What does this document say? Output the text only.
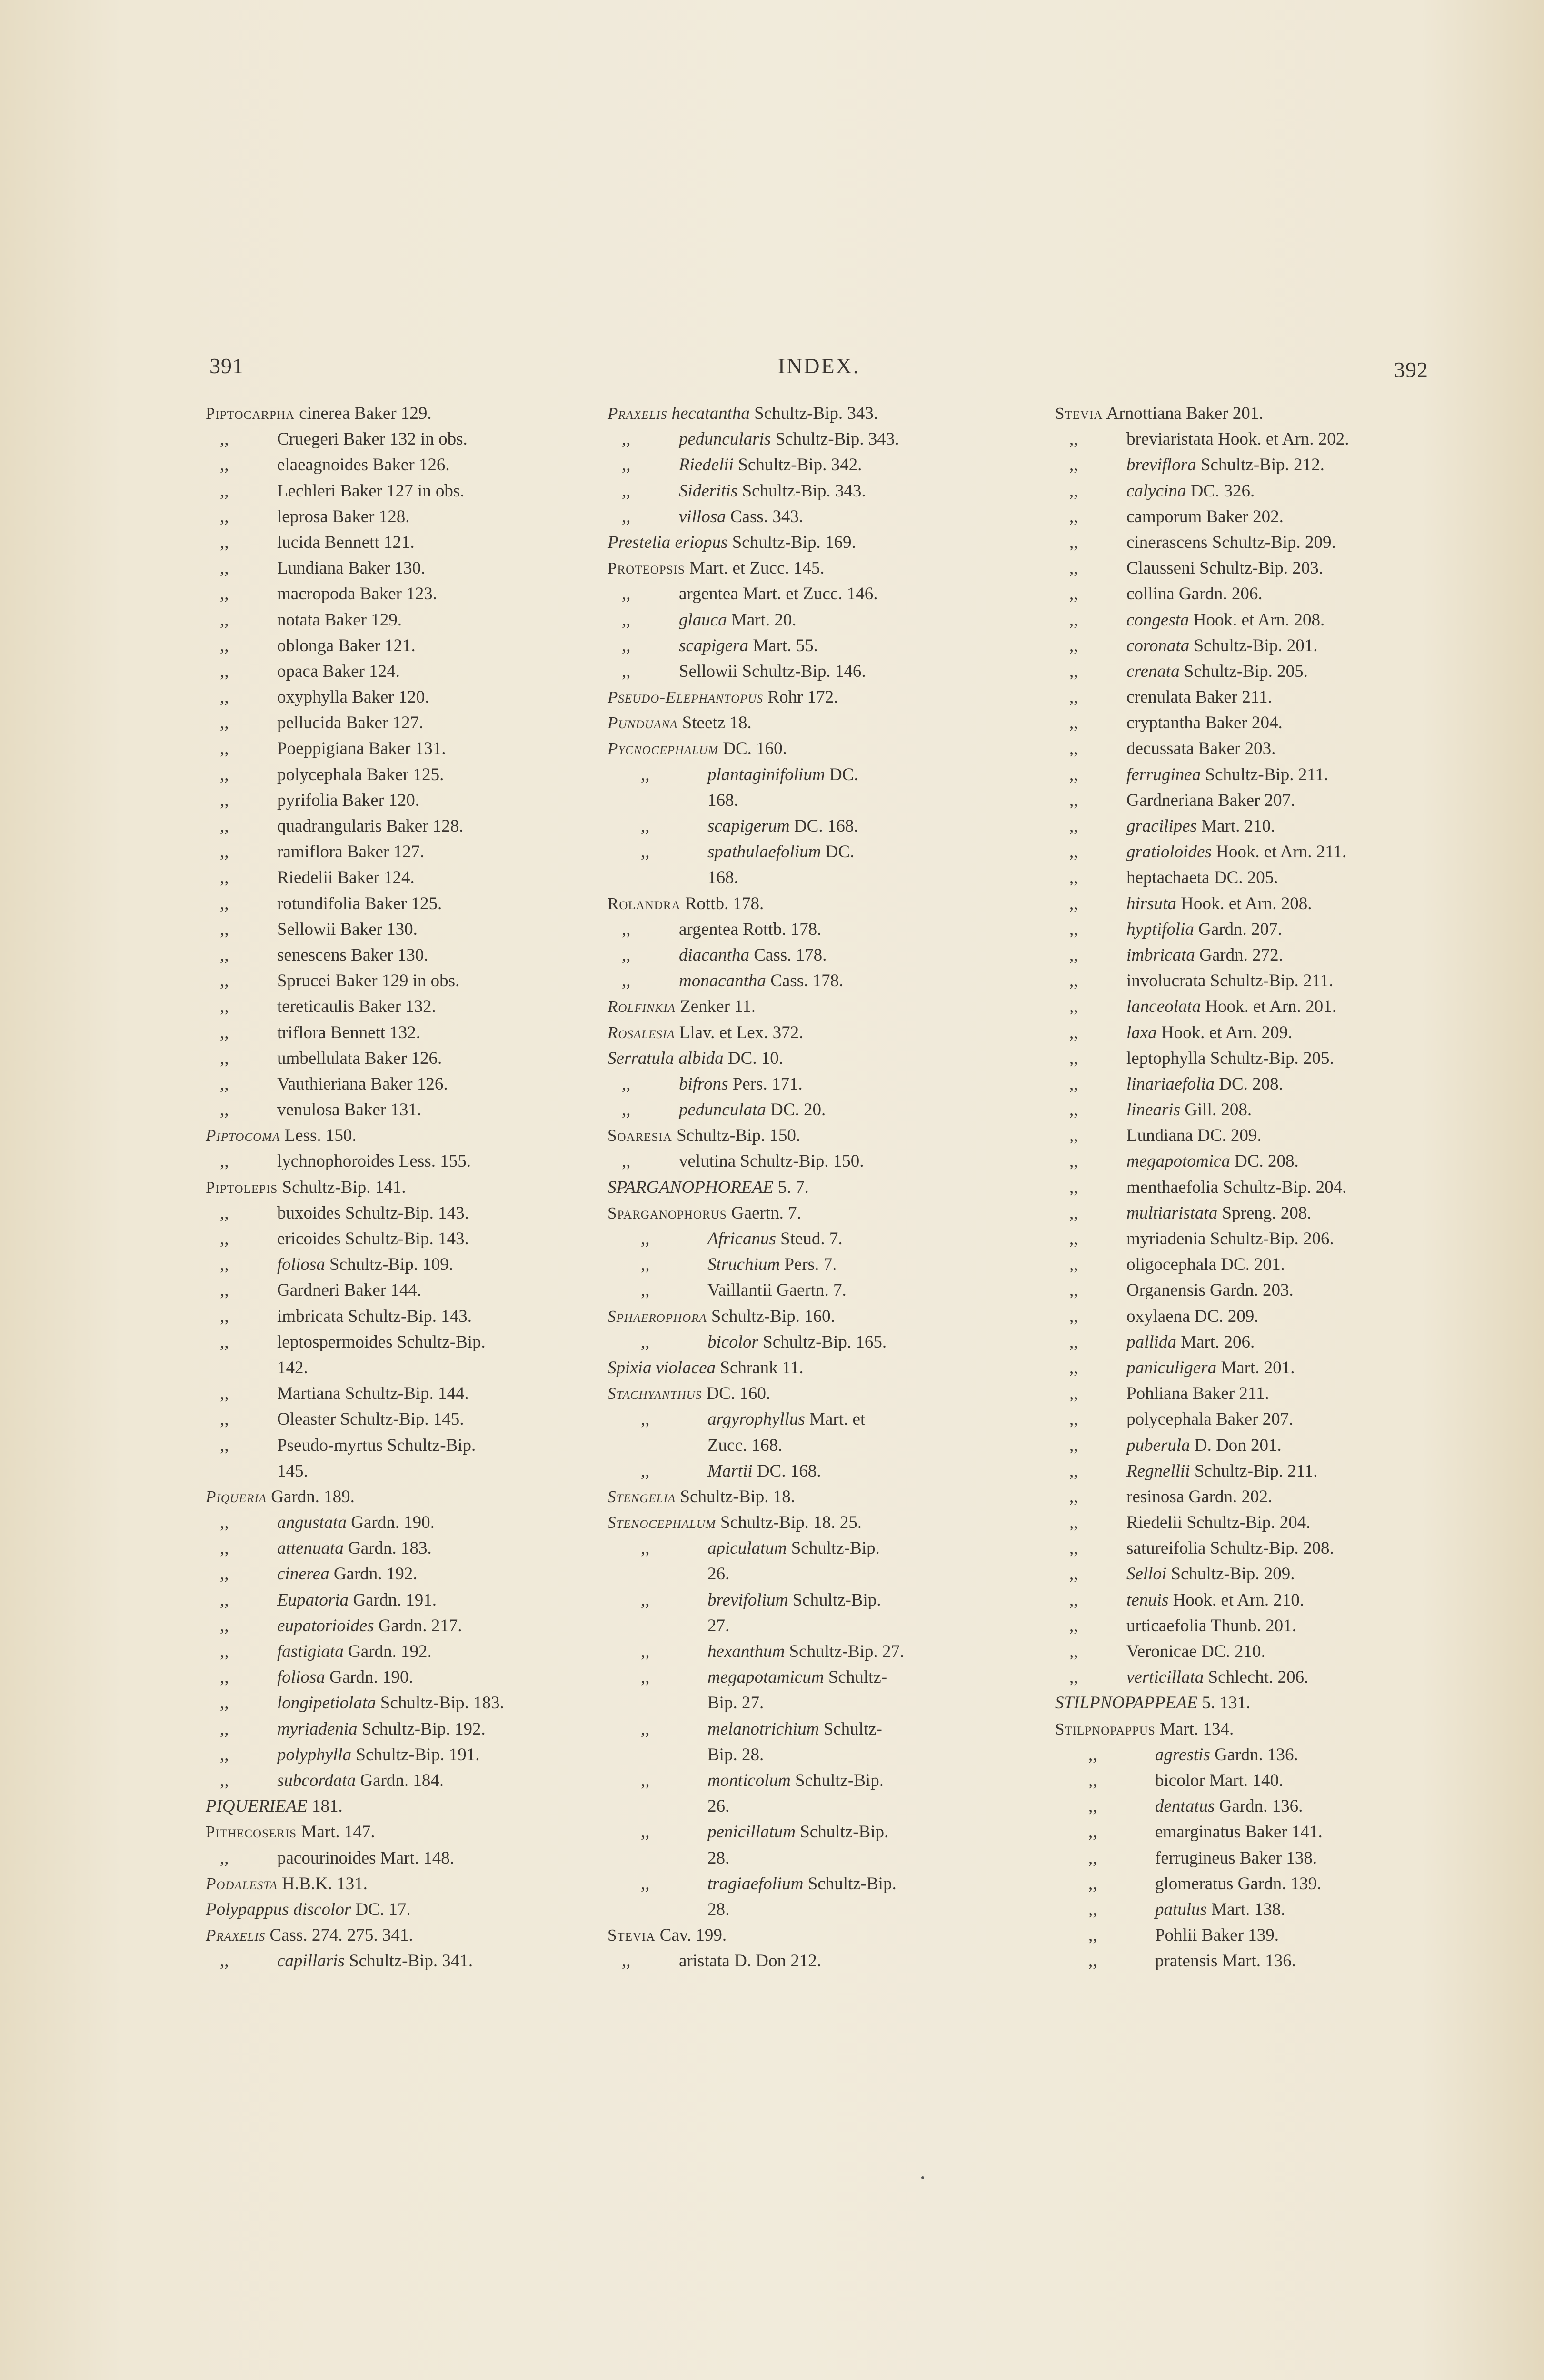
391	INDEX.	392
Piptocarpha cinerea Baker 129.
,,	Cruegeri Baker 132 in obs.
,,	elaeagnoides Baker 126.
,,	Lechleri Baker 127 in obs.
,,	leprosa Baker 128.
,,	lucida Bennett 121.
,,	Lundiana Baker 130.
,,	macropoda Baker 123.
,,	notata Baker 129.
,,	oblonga Baker 121.
,,	opaca Baker 124.
,,	oxyphylla Baker 120.
,,	pellucida Baker 127.
,,	Poeppigiana Baker 131.
,,	polycephala Baker 125.
,,	pyrifolia Baker 120.
,,	quadrangularis Baker 128.
,,	ramiflora Baker 127.
,,	Riedelii Baker 124.
,,	rotundifolia Baker 125.
,,	Sellowii Baker 130.
,,	senescens Baker 130.
,,	Sprucei Baker 129 in obs.
,,	tereticaulis Baker 132.
,,	triflora Bennett 132.
,,	umbellulata Baker 126.
,,	Vauthieriana Baker 126.
,,	venulosa Baker 131.
Piptocoma Less. 150.
,,	lychnophoroides Less. 155.
Piptolepis Schultz-Bip. 141.
,,	buxoides Schultz-Bip. 143.
,,	ericoides Schultz-Bip. 143.
,,	foliosa Schultz-Bip. 109.
,,	Gardneri Baker 144.
,,	imbricata Schultz-Bip. 143.
,,	leptospermoides Schultz-Bip.
142.
,,	Martiana Schultz-Bip. 144.
,,	Oleaster Schultz-Bip. 145.
,,	Pseudo-myrtus Schultz-Bip.
145.
Piqueria Gardn. 189.
,,	angustata Gardn. 190.
,,	attenuata Gardn. 183.
,,	cinerea Gardn. 192.
,,	Eupatoria Gardn. 191.
,,	eupatorioides Gardn. 217.
,,	fastigiata Gardn. 192.
,,	foliosa Gardn. 190.
,,	longipetiolata Schultz-Bip. 183.
,,	myriadenia Schultz-Bip. 192.
,,	polyphylla Schultz-Bip. 191.
,,	subcordata Gardn. 184.
PIQUERIEAE 181.
Pithecoseris Mart. 147.
,,	pacourinoides Mart. 148.
Podalesta H.B.K. 131.
Polypappus discolor DC. 17.
Praxelis Cass. 274. 275. 341.
,,	capillaris Schultz-Bip. 341.
Praxelis hecatantha Schultz-Bip. 343.
,,	peduncularis Schultz-Bip. 343.
,,	Riedelii Schultz-Bip. 342.
,,	Sideritis Schultz-Bip. 343.
,,	villosa Cass. 343.
Prestelia eriopus Schultz-Bip. 169.
Proteopsis Mart. et Zucc. 145.
,,	argentea Mart. et Zucc. 146.
,,	glauca Mart. 20.
,,	scapigera Mart. 55.
,,	Sellowii Schultz-Bip. 146.
Pseudo-Elephantopus Rohr 172.
Punduana Steetz 18.
Pycnocephalum DC. 160.
,,	plantaginifolium DC.
168.
,,	scapigerum DC. 168.
,,	spathulaefolium DC.
168.
Rolandra Rottb. 178.
,,	argentea Rottb. 178.
,,	diacantha Cass. 178.
,,	monacantha Cass. 178.
Rolfinkia Zenker 11.
Rosalesia Llav. et Lex. 372.
Serratula albida DC. 10.
,,	bifrons Pers. 171.
,,	pedunculata DC. 20.
Soaresia Schultz-Bip. 150.
,,	velutina Schultz-Bip. 150.
SPARGANOPHOREAE 5. 7.
Sparganophorus Gaertn. 7.
,,	Africanus Steud. 7.
,,	Struchium Pers. 7.
,,	Vaillantii Gaertn. 7.
Sphaerophora Schultz-Bip. 160.
,,	bicolor Schultz-Bip. 165.
Spixia violacea Schrank 11.
Stachyanthus DC. 160.
,,	argyrophyllus Mart. et
Zucc. 168.
,,	Martii DC. 168.
Stengelia Schultz-Bip. 18.
Stenocephalum Schultz-Bip. 18. 25.
,,	apiculatum Schultz-Bip.
26.
,,	brevifolium Schultz-Bip.
27.
,,	hexanthum Schultz-Bip. 27.
,,	megapotamicum Schultz-
Bip. 27.
,,	melanotrichium Schultz-
Bip. 28.
,,	monticolum Schultz-Bip.
26.
,,	penicillatum Schultz-Bip.
28.
,,	tragiaefolium Schultz-Bip.
28.
Stevia Cav. 199.
,,	aristata D. Don 212.
Stevia Arnottiana Baker 201.
,,	breviaristata Hook. et Arn. 202.
,,	breviflora Schultz-Bip. 212.
,,	calycina DC. 326.
,,	camporum Baker 202.
,,	cinerascens Schultz-Bip. 209.
,,	Clausseni Schultz-Bip. 203.
,,	collina Gardn. 206.
,,	congesta Hook. et Arn. 208.
,,	coronata Schultz-Bip. 201.
,,	crenata Schultz-Bip. 205.
,,	crenulata Baker 211.
,,	cryptantha Baker 204.
,,	decussata Baker 203.
,,	ferruginea Schultz-Bip. 211.
,,	Gardneriana Baker 207.
,,	gracilipes Mart. 210.
,,	gratioloides Hook. et Arn. 211.
,,	heptachaeta DC. 205.
,,	hirsuta Hook. et Arn. 208.
,,	hyptifolia Gardn. 207.
,,	imbricata Gardn. 272.
,,	involucrata Schultz-Bip. 211.
,,	lanceolata Hook. et Arn. 201.
,,	laxa Hook. et Arn. 209.
,,	leptophylla Schultz-Bip. 205.
,,	linariaefolia DC. 208.
,,	linearis Gill. 208.
,,	Lundiana DC. 209.
,,	megapotomica DC. 208.
,,	menthaefolia Schultz-Bip. 204.
,,	multiaristata Spreng. 208.
,,	myriadenia Schultz-Bip. 206.
,,	oligocephala DC. 201.
,,	Organensis Gardn. 203.
,,	oxylaena DC. 209.
,,	pallida Mart. 206.
,,	paniculigera Mart. 201.
,,	Pohliana Baker 211.
,,	polycephala Baker 207.
,,	puberula D. Don 201.
,,	Regnellii Schultz-Bip. 211.
,,	resinosa Gardn. 202.
,,	Riedelii Schultz-Bip. 204.
,,	satureifolia Schultz-Bip. 208.
,,	Selloi Schultz-Bip. 209.
,,	tenuis Hook. et Arn. 210.
,,	urticaefolia Thunb. 201.
,,	Veronicae DC. 210.
,,	verticillata Schlecht. 206.
STILPNOPAPPEAE 5. 131.
Stilpnopappus Mart. 134.
,,	agrestis Gardn. 136.
,,	bicolor Mart. 140.
,,	dentatus Gardn. 136.
,,	emarginatus Baker 141.
,,	ferrugineus Baker 138.
,,	glomeratus Gardn. 139.
,,	patulus Mart. 138.
,,	Pohlii Baker 139.
,,	pratensis Mart. 136.
